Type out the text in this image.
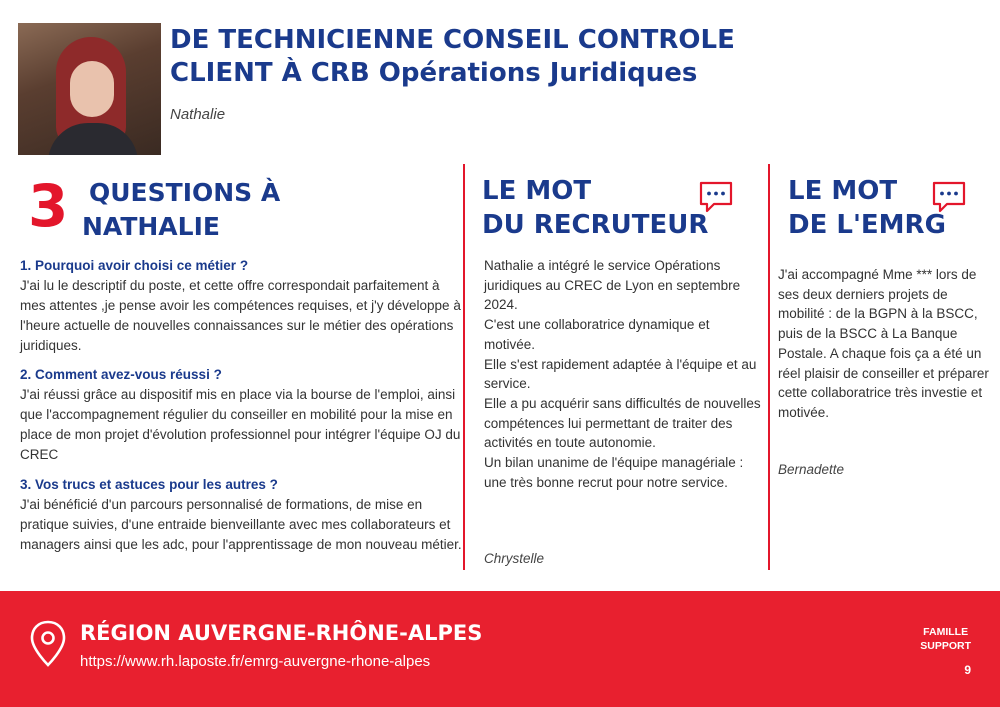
DE TECHNICIENNE CONSEIL CONTROLE
CLIENT À CRB Opérations Juridiques
Nathalie
3 QUESTIONS À
NATHALIE
1. Pourquoi avoir choisi ce métier ?
J'ai lu le descriptif du poste, et cette offre correspondait parfaitement à mes attentes ,je pense avoir les compétences requises, et j'y développe à l'heure actuelle de nouvelles connaissances sur le métier des opérations juridiques.
2. Comment avez-vous réussi ?
J'ai réussi grâce au dispositif mis en place via la bourse de l'emploi, ainsi que l'accompagnement régulier du conseiller en mobilité pour la mise en place de mon projet d'évolution professionnel pour intégrer l'équipe OJ du CREC
3. Vos trucs et astuces pour les autres ?
J'ai bénéficié d'un parcours personnalisé de formations, de mise en pratique suivies, d'une entraide bienveillante avec mes collaborateurs et managers ainsi que les adc, pour l'apprentissage de mon nouveau métier.
LE MOT
DU RECRUTEUR

Nathalie a intégré le service Opérations juridiques au CREC de Lyon en septembre 2024.

C'est une collaboratrice dynamique et motivée.

Elle s'est rapidement adaptée à l'équipe et au service.

Elle a pu acquérir sans difficultés de nouvelles compétences lui permettant de traiter des activités en toute autonomie.

Un bilan unanime de l'équipe managériale : une très bonne recrut pour notre service.

Chrystelle
LE MOT
DE L'EMRG
J'ai accompagné Mme *** lors de ses deux derniers projets de mobilité : de la BGPN à la BSCC, puis de la BSCC à La Banque Postale. A chaque fois ça a été un réel plaisir de conseiller et préparer cette collaboratrice très investie et motivée.
Bernadette
RÉGION AUVERGNE-RHÔNE-ALPES
https://www.rh.laposte.fr/emrg-auvergne-rhone-alpes
FAMILLE
SUPPORT
9
